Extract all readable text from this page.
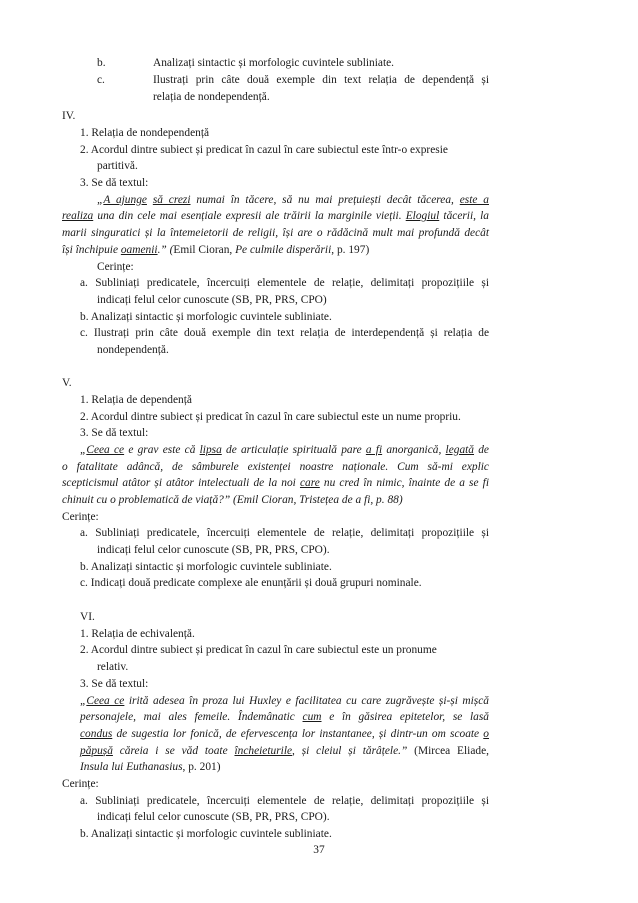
b.	Analizați sintactic și morfologic cuvintele subliniate.
c.	Ilustrați prin câte două exemple din text relația de dependență și
relația de nondependență.
IV.
1. Relația de nondependență
2. Acordul dintre subiect și predicat în cazul în care subiectul este într-o expresie
partitivă.
3. Se dă textul:
„A ajunge să crezi numai în tăcere, să nu mai prețuiești decât tăcerea, este a
realiza una din cele mai esențiale expresii ale trăirii la marginile vieții. Elogiul tăcerii, la
marii singuratici și la întemeietorii de religii, își are o rădăcină mult mai profundă decât
își închipuie oamenii.” (Emil Cioran, Pe culmile disperării, p. 197)
Cerințe:
a. Subliniați predicatele, încercuiți elementele de relație, delimitați propozițiile și
indicați felul celor cunoscute (SB, PR, PRS, CPO)
b. Analizați sintactic și morfologic cuvintele subliniate.
c. Ilustrați prin câte două exemple din text relația de interdependență și relația de
nondependență.
V.
1. Relația de dependență
2. Acordul dintre subiect și predicat în cazul în care subiectul este un nume propriu.
3. Se dă textul:
„Ceea ce e grav este că lipsa de articulație spirituală pare a fi anorganică, legată de
o fatalitate adâncă, de sâmburele existenței noastre naționale. Cum să-mi explic
scepticismul atâtor și atâtor intelectuali de la noi care nu cred în nimic, înainte de a se fi
chinuit cu o problematică de viață?” (Emil Cioran, Tristețea de a fi, p. 88)
Cerințe:
a. Subliniați predicatele, încercuiți elementele de relație, delimitați propozițiile și
indicați felul celor cunoscute (SB, PR, PRS, CPO).
b. Analizați sintactic și morfologic cuvintele subliniate.
c. Indicați două predicate complexe ale enunțării și două grupuri nominale.
VI.
1. Relația de echivalență.
2. Acordul dintre subiect și predicat în cazul în care subiectul este un pronume
relativ.
3. Se dă textul:
„Ceea ce irită adesea în proza lui Huxley e facilitatea cu care zugrăvește și-și mișcă
personajele, mai ales femeile. Îndemânatic cum e în găsirea epitetelor, se lasă
condus de sugestia lor fonică, de efervescența lor instantanee, și dintr-un om scoate o
păpușă căreia i se văd toate încheieturile, și cleiul și tărâțele.” (Mircea Eliade,
Insula lui Euthanasius, p. 201)
Cerințe:
a. Subliniați predicatele, încercuiți elementele de relație, delimitați propozițiile și
indicați felul celor cunoscute (SB, PR, PRS, CPO).
b. Analizați sintactic și morfologic cuvintele subliniate.
37
